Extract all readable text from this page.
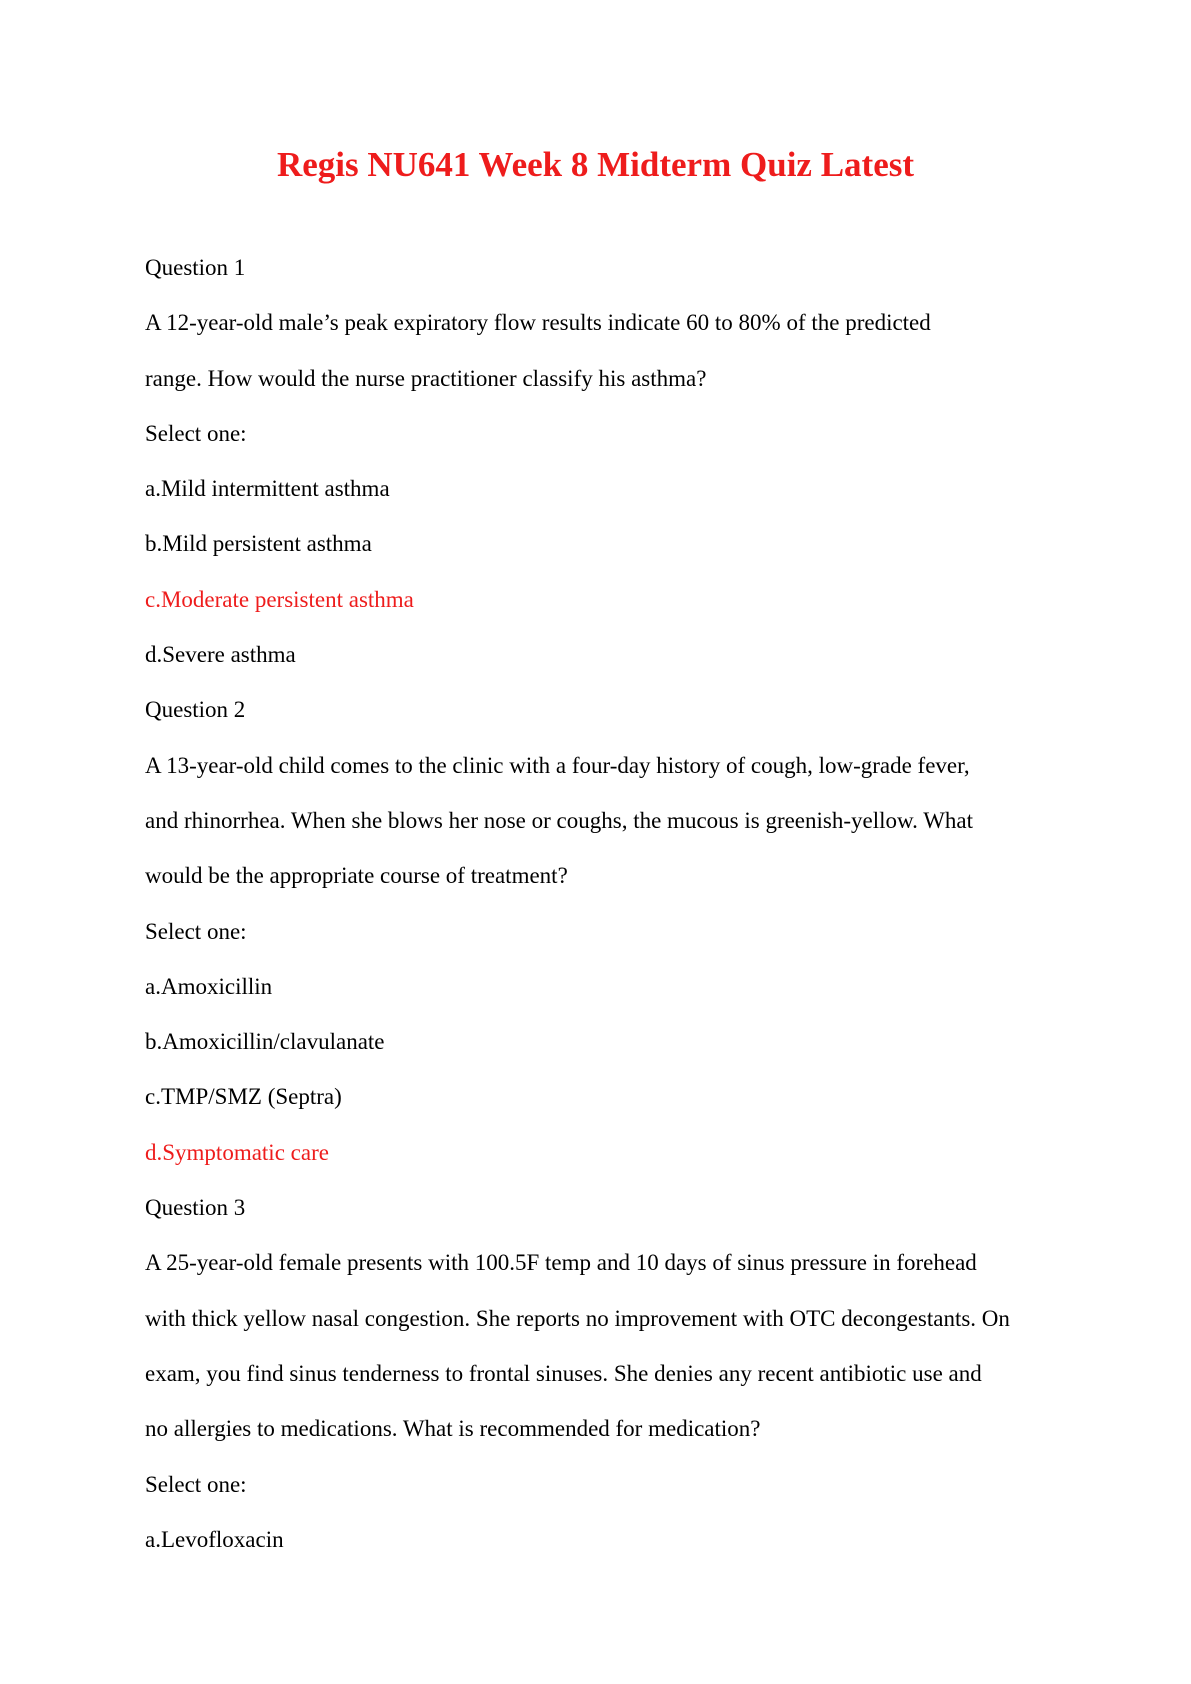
Regis NU641 Week 8 Midterm Quiz Latest
Question 1
A 12-year-old male’s peak expiratory flow results indicate 60 to 80% of the predicted
range. How would the nurse practitioner classify his asthma?
Select one:
a.Mild intermittent asthma
b.Mild persistent asthma
c.Moderate persistent asthma
d.Severe asthma
Question 2
A 13-year-old child comes to the clinic with a four-day history of cough, low-grade fever,
and rhinorrhea. When she blows her nose or coughs, the mucous is greenish-yellow. What
would be the appropriate course of treatment?
Select one:
a.Amoxicillin
b.Amoxicillin/clavulanate
c.TMP/SMZ (Septra)
d.Symptomatic care
Question 3
A 25-year-old female presents with 100.5F temp and 10 days of sinus pressure in forehead
with thick yellow nasal congestion. She reports no improvement with OTC decongestants. On
exam, you find sinus tenderness to frontal sinuses. She denies any recent antibiotic use and
no allergies to medications. What is recommended for medication?
Select one:
a.Levofloxacin
